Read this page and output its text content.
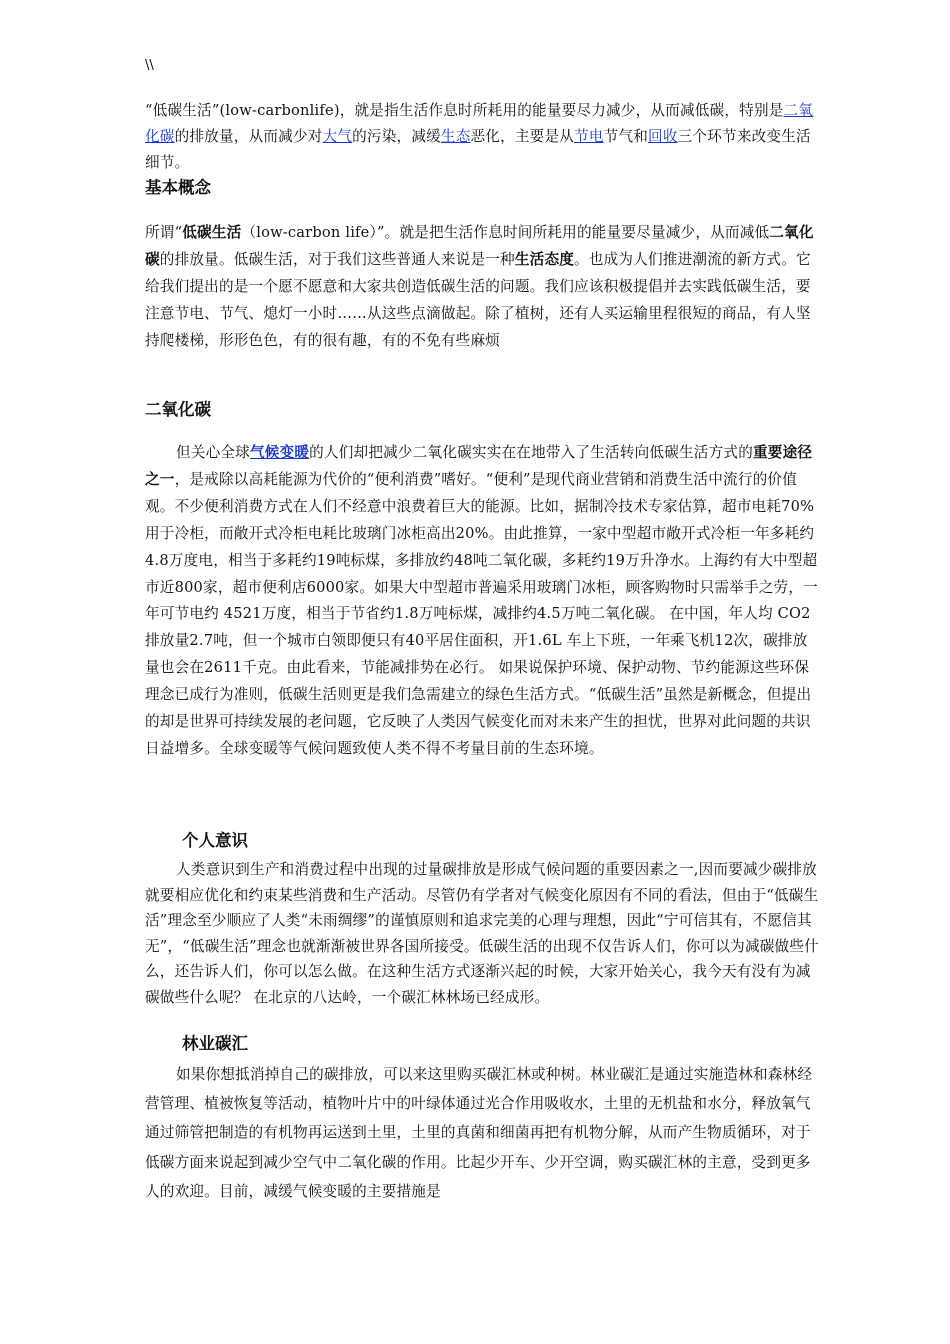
\\

“低碳生活”(low-carbonlife)，就是指生活作息时所耗用的能量要尽力减少，从而减低碳，特别是二氧化碳的排放量，从而减少对大气的污染，减缓生态恶化，主要是从节电节气和回收三个环节来改变生活细节。

基本概念

所谓“低碳生活（low-carbon life）”。就是把生活作息时间所耗用的能量要尽量减少，从而减低二氧化碳的排放量。低碳生活，对于我们这些普通人来说是一种生活态度。也成为人们推进潮流的新方式。它给我们提出的是一个愿不愿意和大家共创造低碳生活的问题。我们应该积极提倡并去实践低碳生活，要注意节电、节气、熄灯一小时……从这些点滴做起。除了植树，还有人买运输里程很短的商品，有人坚持爬楼梯，形形色色，有的很有趣，有的不免有些麻烦

二氧化碳

但关心全球气候变暖的人们却把减少二氧化碳实实在在地带入了生活转向低碳生活方式的重要途径之一，是戒除以高耗能源为代价的“便利消费”嗜好。“便利”是现代商业营销和消费生活中流行的价值观。不少便利消费方式在人们不经意中浪费着巨大的能源。比如，据制冷技术专家估算，超市电耗70%用于冷柜，而敞开式冷柜电耗比玻璃门冰柜高出20%。由此推算，一家中型超市敞开式冷柜一年多耗约4.8万度电，相当于多耗约19吨标煤，多排放约48吨二氧化碳，多耗约19万升净水。上海约有大中型超市近800家，超市便利店6000家。如果大中型超市普遍采用玻璃门冰柜，顾客购物时只需举手之劳，一年可节电约 4521万度，相当于节省约1.8万吨标煤，减排约4.5万吨二氧化碳。 在中国，年人均 CO2排放量2.7吨，但一个城市白领即便只有40平居住面积，开1.6L 车上下班，一年乘飞机12次，碳排放量也会在2611千克。由此看来，节能减排势在必行。 如果说保护环境、保护动物、节约能源这些环保理念已成行为准则，低碳生活则更是我们急需建立的绿色生活方式。“低碳生活”虽然是新概念，但提出的却是世界可持续发展的老问题，它反映了人类因气候变化而对未来产生的担忧，世界对此问题的共识日益增多。全球变暖等气候问题致使人类不得不考量目前的生态环境。

个人意识

人类意识到生产和消费过程中出现的过量碳排放是形成气候问题的重要因素之一,因而要减少碳排放就要相应优化和约束某些消费和生产活动。尽管仍有学者对气候变化原因有不同的看法，但由于“低碳生活”理念至少顺应了人类“未雨绸缪”的谨慎原则和追求完美的心理与理想，因此“宁可信其有，不愿信其无”，“低碳生活”理念也就渐渐被世界各国所接受。低碳生活的出现不仅告诉人们，你可以为减碳做些什么，还告诉人们，你可以怎么做。在这种生活方式逐渐兴起的时候，大家开始关心，我今天有没有为减碳做些什么呢？ 在北京的八达岭，一个碳汇林林场已经成形。

林业碳汇

如果你想抵消掉自己的碳排放，可以来这里购买碳汇林或种树。林业碳汇是通过实施造林和森林经营管理、植被恢复等活动，植物叶片中的叶绿体通过光合作用吸收水，土里的无机盐和水分，释放氧气通过筛管把制造的有机物再运送到土里，土里的真菌和细菌再把有机物分解，从而产生物质循环，对于低碳方面来说起到减少空气中二氧化碳的作用。比起少开车、少开空调，购买碳汇林的主意，受到更多人的欢迎。目前，减缓气候变暖的主要措施是
